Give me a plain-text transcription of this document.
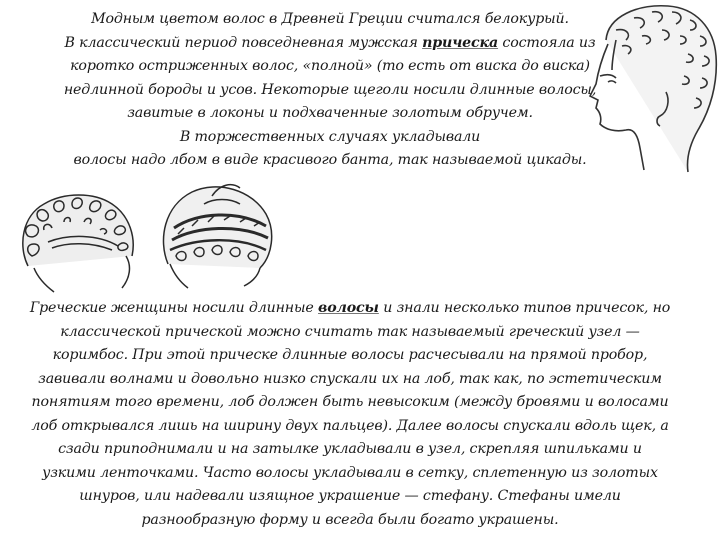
Модным цветом волос в Древней Греции считался белокурый.
В классический период повседневная мужская прическа состояла из
коротко остриженных волос, «полной» (то есть от виска до виска)
недлинной бороды и усов. Некоторые щеголи носили длинные волосы,
завитые в локоны и подхваченные золотым обручем.
В торжественных случаях укладывали
волосы надо лбом в виде красивого банта, так называемой цикады.

Греческие женщины носили длинные волосы и знали несколько типов причесок, но
классической прической можно считать так называемый греческий узел —
коримбос. При этой прическе длинные волосы расчесывали на прямой пробор,
завивали волнами и довольно низко спускали их на лоб, так как, по эстетическим
понятиям того времени, лоб должен быть невысоким (между бровями и волосами
лоб открывался лишь на ширину двух пальцев). Далее волосы спускали вдоль щек, а
сзади приподнимали и на затылке укладывали в узел, скрепляя шпильками и
узкими ленточками. Часто волосы укладывали в сетку, сплетенную из золотых
шнуров, или надевали изящное украшение — стефану. Стефаны имели
разнообразную форму и всегда были богато украшены.
